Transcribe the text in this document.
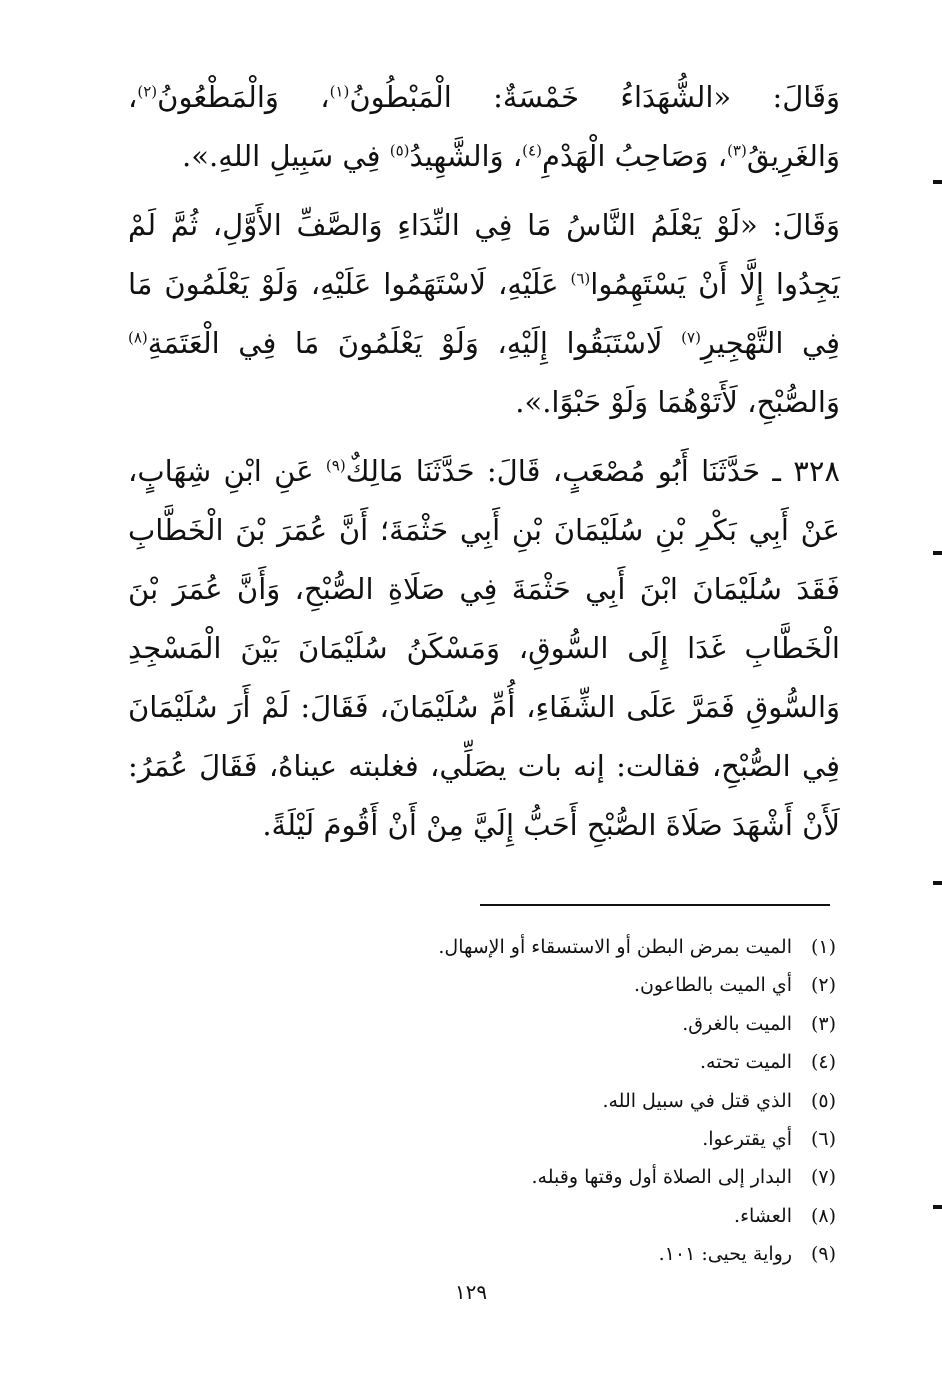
وَقَالَ: «الشُّهَدَاءُ خَمْسَةٌ: الْمَبْطُونُ$^{(١)}$، وَالْمَطْعُونُ$^{(٢)}$، وَالغَرِيقُ$^{(٣)}$، وَصَاحِبُ الْهَدْمِ$^{(٤)}$، وَالشَّهِيدُ$^{(٥)}$ فِي سَبِيلِ اللهِ.».

وَقَالَ: «لَوْ يَعْلَمُ النَّاسُ مَا فِي النِّدَاءِ وَالصَّفِّ الأَوَّلِ، ثُمَّ لَمْ يَجِدُوا إِلَّا أَنْ يَسْتَهِمُوا$^{(٦)}$ عَلَيْهِ، لَاسْتَهَمُوا عَلَيْهِ، وَلَوْ يَعْلَمُونَ مَا فِي التَّهْجِيرِ$^{(٧)}$ لَاسْتَبَقُوا إِلَيْهِ، وَلَوْ يَعْلَمُونَ مَا فِي الْعَتَمَةِ$^{(٨)}$ وَالصُّبْحِ، لَأَتَوْهُمَا وَلَوْ حَبْوًا.».

٣٢٨ ـ حَدَّثَنَا أَبُو مُصْعَبٍ، قَالَ: حَدَّثَنَا مَالِكٌ$^{(٩)}$ عَنِ ابْنِ شِهَابٍ، عَنْ أَبِي بَكْرِ بْنِ سُلَيْمَانَ بْنِ أَبِي حَثْمَةَ؛ أَنَّ عُمَرَ بْنَ الْخَطَّابِ فَقَدَ سُلَيْمَانَ ابْنَ أَبِي حَثْمَةَ فِي صَلَاةِ الصُّبْحِ، وَأَنَّ عُمَرَ بْنَ الْخَطَّابِ غَدَا إِلَى السُّوقِ، وَمَسْكَنُ سُلَيْمَانَ بَيْنَ الْمَسْجِدِ وَالسُّوقِ فَمَرَّ عَلَى الشِّفَاءِ، أُمِّ سُلَيْمَانَ، فَقَالَ: لَمْ أَرَ سُلَيْمَانَ فِي الصُّبْحِ، فقالت: إنه بات يصَلِّي، فغلبته عيناهُ، فَقَالَ عُمَرُ: لَأَنْ أَشْهَدَ صَلَاةَ الصُّبْحِ أَحَبُّ إِلَيَّ مِنْ أَنْ أَقُومَ لَيْلَةً.

(١)
الميت بمرض البطن أو الاستسقاء أو الإسهال.
(٢)
أي الميت بالطاعون.
(٣)
الميت بالغرق.
(٤)
الميت تحته.
(٥)
الذي قتل في سبيل الله.
(٦)
أي يقترعوا.
(٧)
البدار إلى الصلاة أول وقتها وقبله.
(٨)
العشاء.
(٩)
رواية يحيى: ١٠١.
١٢٩
